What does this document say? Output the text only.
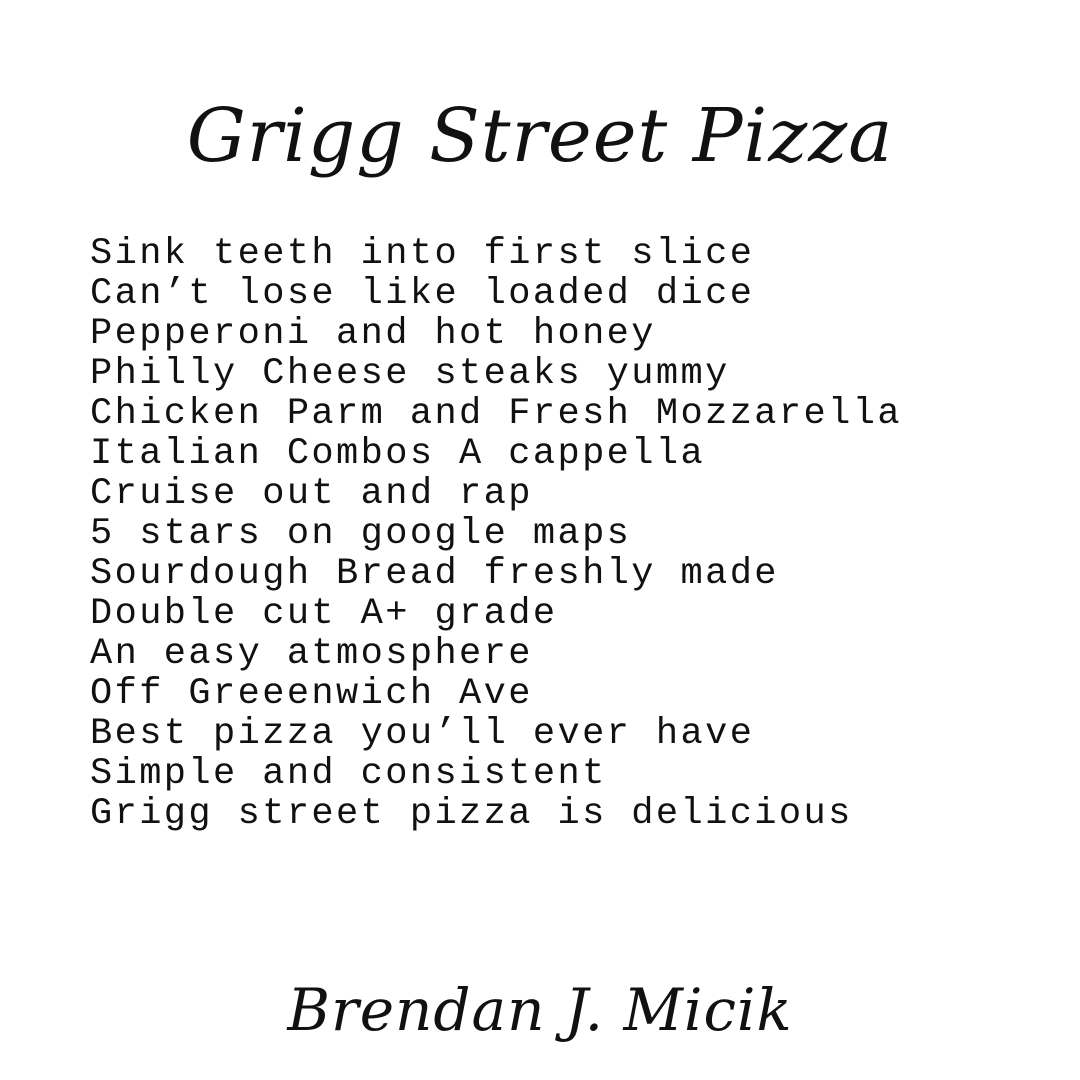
Grigg Street Pizza
Sink teeth into first slice
Can’t lose like loaded dice
Pepperoni and hot honey
Philly Cheese steaks yummy
Chicken Parm and Fresh Mozzarella
Italian Combos A cappella
Cruise out and rap
5 stars on google maps
Sourdough Bread freshly made
Double cut A+ grade
An easy atmosphere
Off Greeenwich Ave
Best pizza you’ll ever have
Simple and consistent
Grigg street pizza is delicious
Brendan J. Micik
